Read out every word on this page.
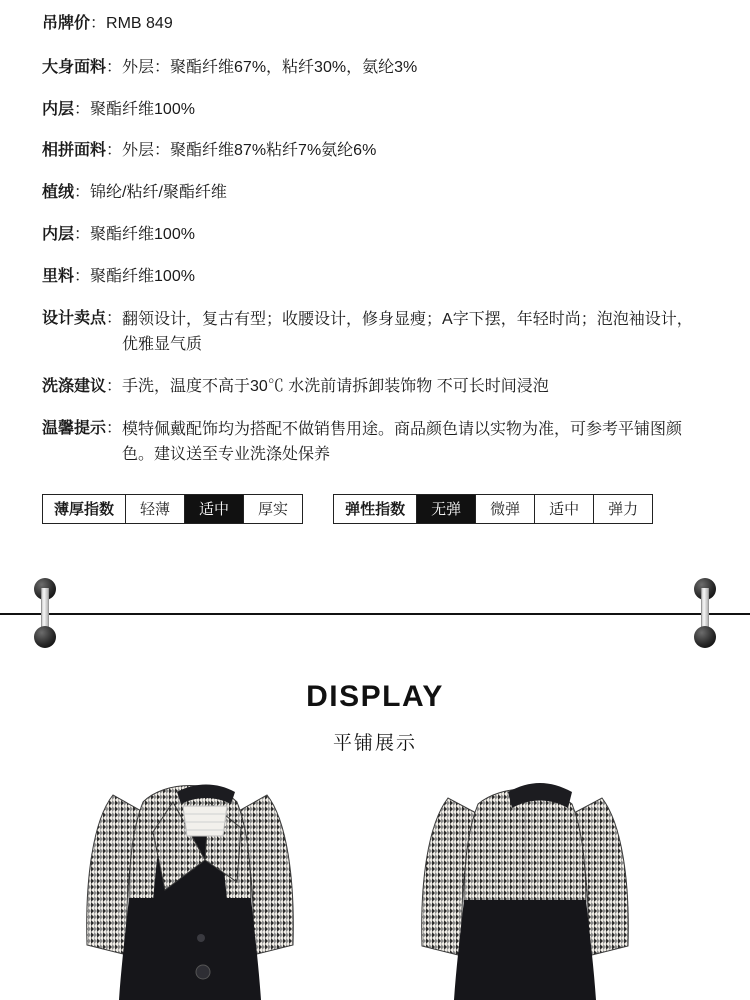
吊牌价 ： RMB 849
大身面料 ： 外层：聚酯纤维67%，粘纤30%，氨纶3%
内层 ： 聚酯纤维100%
相拼面料 ： 外层：聚酯纤维87%粘纤7%氨纶6%
植绒 ： 锦纶/粘纤/聚酯纤维
内层 ： 聚酯纤维100%
里料 ： 聚酯纤维100%
设计卖点 ： 翻领设计，复古有型；收腰设计，修身显瘦；A字下摆，年轻时尚；泡泡袖设计，优雅显气质
洗涤建议 ： 手洗，温度不高于30℃ 水洗前请拆卸装饰物 不可长时间浸泡
温馨提示 ： 模特佩戴配饰均为搭配不做销售用途。商品颜色请以实物为准，可参考平铺图颜色。建议送至专业洗涤处保养
薄厚指数	轻薄	适中	厚实	弹性指数	无弹	微弹	适中	弹力
DISPLAY
平铺展示
